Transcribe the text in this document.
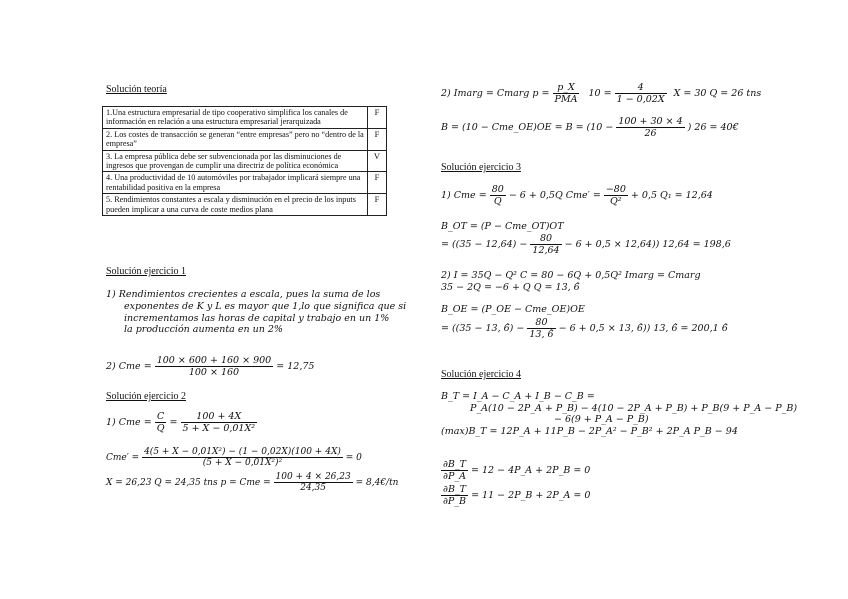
Solución teoría
1.Una estructura empresarial de tipo cooperativo simplifica los canales de información en relación a una estructura empresarial jerarquizada	F
2. Los costes de transacción se generan “entre empresas” pero no “dentro de la empresa”	F
3. La empresa pública debe ser subvencionada por las disminuciones de ingresos que provengan de cumplir una directriz de política económica	V
4. Una productividad de 10 automóviles por trabajador implicará siempre una rentabilidad positiva en la empresa	F
5. Rendimientos constantes a escala y disminución en el precio de los inputs pueden implicar a una curva de coste medios plana	F
Solución ejercicio 1
1) Rendimientos crecientes a escala, pues la suma de los
exponentes de K y L es mayor que 1,lo que significa que si
incrementamos las horas de capital y trabajo en un 1%
la producción aumenta en un 2%
2) Cme = $\frac{100 \times 600 + 160 \times 900}{100 \times 160} = 12,75$
Solución ejercicio 2
1) Cme = $\frac{C}{Q} = \frac{100 + 4X}{\text{5 + X − 0,01X²}}$
$Cme' = \frac{\text{4(5 + X − 0,01X²) − (1 − 0,02X)(100 + 4X)}}{\text{(5 + X − 0,01X²)²}} = 0$
X = 26,23 Q = 24,35 tns p = Cme = $\frac{100 + 4 \times 26,23}{24,35}$ = 8,4€/tn
2) Imarg = Cmarg $p = \frac{p\_X}{\text{PMA}} 10 = \frac{4}{1 - 0,02X}$ X = 30 Q = 26 tns
B = (10 − Cme_OE)OE = $B = (10 - \frac{100 + 30 \times 4}{26}$ ) 26 = 40€
Solución ejercicio 3
1) Cme = $\frac{80}{Q} - 6 + 0,5Q$ $Cme' = \frac{-80}{\text{Q²}} + 0,5$ Q₁ = 12,64
B_OT = (P − Cme_OT)OT
= $((35 - 12,64) - \frac{80}{12,64} - 6 + 0,5 \times 12,64)$) 12,64 = 198,6
2) I = 35Q − Q² C = 80 − 6Q + 0,5Q² Imarg = Cmarg
35 − 2Q = −6 + Q Q = 13, 6̂
B_OE = (P_OE − Cme_OE)OE
= ((35 − 13, 6̂) − $\frac{80}{13, 6̂} - 6 + 0,5 \times 13$, 6̂)) 13, 6̂ = 200,1 6̂
Solución ejercicio 4
B_T = I_A − C_A + I_B − C_B =
P_A(10 − 2P_A + P_B) − 4(10 − 2P_A + P_B) + P_B(9 + P_A − P_B)
− 6(9 + P_A − P_B)
(max)B_T = 12P_A + 11P_B − 2P_A² − P_B² + 2P_A P_B − 94
$\frac{\partial B\_T}{\partial P\_A} = 12$ − 4P_A + 2P_B = 0
$\frac{\partial B\_T}{\partial P\_B} = 11$ − 2P_B + 2P_A = 0
